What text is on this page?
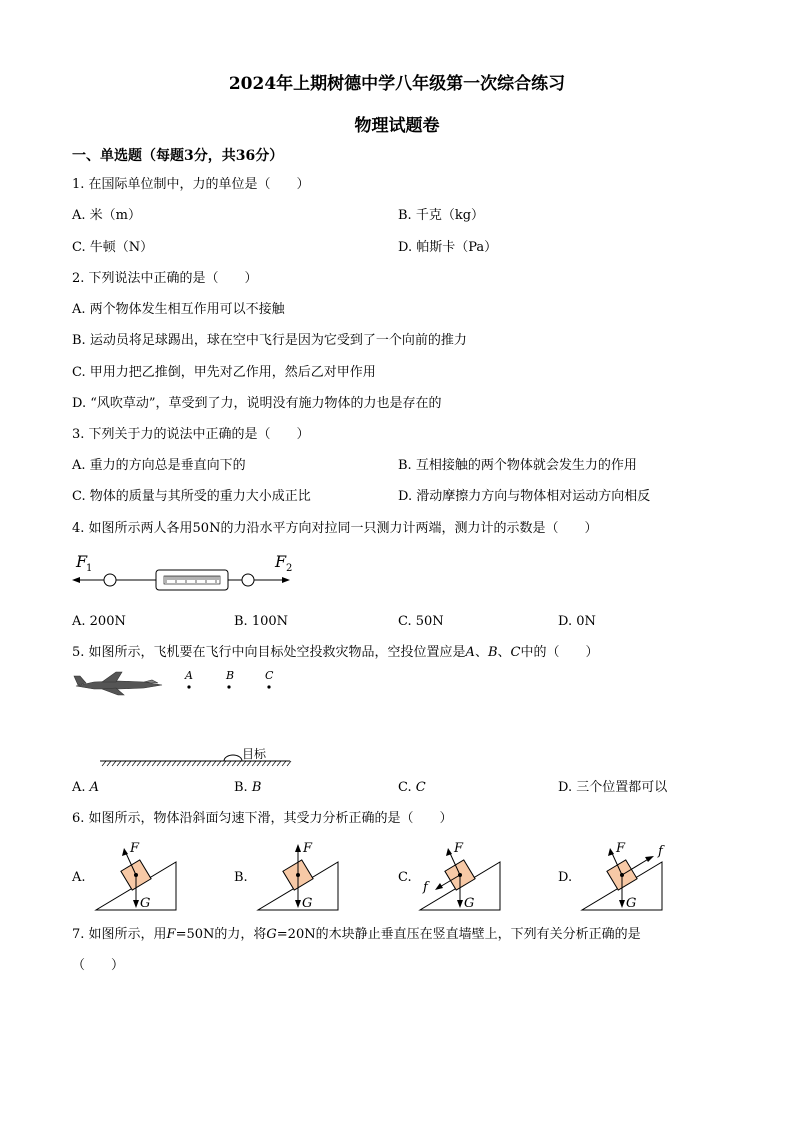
2024年上期树德中学八年级第一次综合练习
物理试题卷
一、单选题（每题3分，共36分）
1. 在国际单位制中，力的单位是（　　）
A. 米（m）	B. 千克（kg）
C. 牛顿（N）	D. 帕斯卡（Pa）
2. 下列说法中正确的是（　　）
A. 两个物体发生相互作用可以不接触
B. 运动员将足球踢出，球在空中飞行是因为它受到了一个向前的推力
C. 甲用力把乙推倒，甲先对乙作用，然后乙对甲作用
D. “风吹草动”，草受到了力，说明没有施力物体的力也是存在的
3. 下列关于力的说法中正确的是（　　）
A. 重力的方向总是垂直向下的	B. 互相接触的两个物体就会发生力的作用
C. 物体的质量与其所受的重力大小成正比	D. 滑动摩擦力方向与物体相对运动方向相反
4. 如图所示两人各用50N的力沿水平方向对拉同一只测力计两端，测力计的示数是（　　）
F
1	F 2
A. 200N	B. 100N	C. 50N	D. 0N
5. 如图所示，飞机要在飞行中向目标处空投救灾物品，空投位置应是A、B、C中的（　　）
A	B	C
目标
A. A	B. B	C. C	D. 三个位置都可以
6. 如图所示，物体沿斜面匀速下滑，其受力分析正确的是（　　）
A.
F
G
B.
F
G
C.
F
f
G
D.
F	f
G
7. 如图所示，用F=50N的力，将G=20N的木块静止垂直压在竖直墙壁上，下列有关分析正确的是
（　　）
